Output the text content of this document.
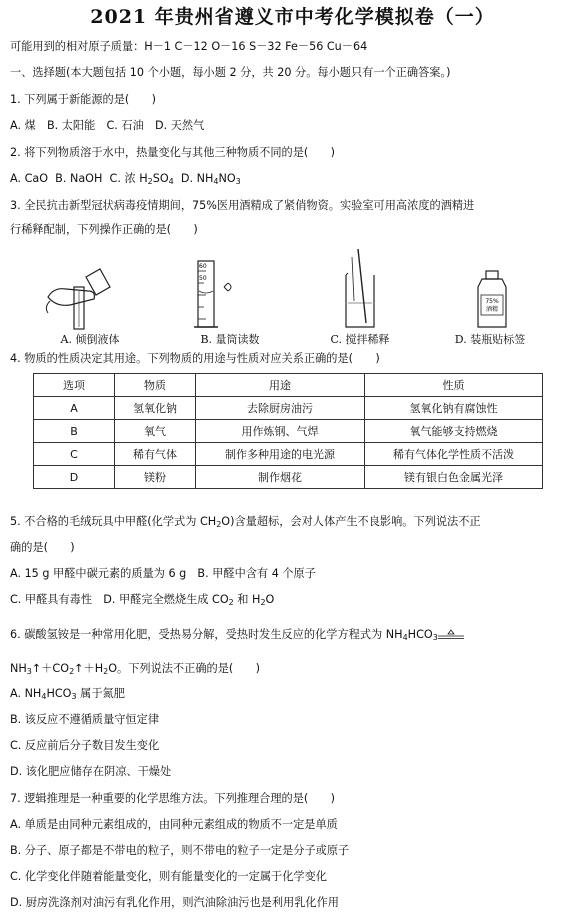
2021 年贵州省遵义市中考化学模拟卷（一）
可能用到的相对原子质量：H－1 C－12 O－16 S－32 Fe－56 Cu－64
一、选择题(本大题包括 10 个小题，每小题 2 分，共 20 分。每小题只有一个正确答案。)
1. 下列属于新能源的是(　　)
A. 煤　B. 太阳能　C. 石油　D. 天然气
2. 将下列物质溶于水中，热量变化与其他三种物质不同的是(　　)
A. CaO B. NaOH C. 浓 $H_2SO_4$ D. $NH_4NO_3$
3. 全民抗击新型冠状病毒疫情期间，75%医用酒精成了紧俏物资。实验室可用高浓度的酒精进
行稀释配制，下列操作正确的是(　　)
A. 倾倒液体
60
50
B. 量筒读数	C. 搅拌稀释
75%
酒精
D. 装瓶贴标签
4. 物质的性质决定其用途。下列物质的用途与性质对应关系正确的是(　　)
选项	物质	用途	性质
A	氢氧化钠	去除厨房油污	氢氧化钠有腐蚀性
B	氧气	用作炼钢、气焊	氧气能够支持燃烧
C	稀有气体	制作多种用途的电光源	稀有气体化学性质不活泼
D	镁粉	制作烟花	镁有银白色金属光泽
5. 不合格的毛绒玩具中甲醛(化学式为 $CH_2O$)含量超标，会对人体产生不良影响。下列说法不正
确的是(　　)
A. 15 g 甲醛中碳元素的质量为 6 g　B. 甲醛中含有 4 个原子
C. 甲醛具有毒性　D. 甲醛完全燃烧生成 $CO_2$ 和 $H_2O$
6. 碳酸氢铵是一种常用化肥，受热易分解，受热时发生反应的化学方程式为 $NH_4HCO_3$
$NH_3↑+CO_2↑+H_2O$。下列说法不正确的是(　　)
A. $NH_4HCO_3$ 属于氮肥
B. 该反应不遵循质量守恒定律
C. 反应前后分子数目发生变化
D. 该化肥应储存在阴凉、干燥处
7. 逻辑推理是一种重要的化学思维方法。下列推理合理的是(　　)
A. 单质是由同种元素组成的，由同种元素组成的物质不一定是单质
B. 分子、原子都是不带电的粒子，则不带电的粒子一定是分子或原子
C. 化学变化伴随着能量变化，则有能量变化的一定属于化学变化
D. 厨房洗涤剂对油污有乳化作用，则汽油除油污也是利用乳化作用
